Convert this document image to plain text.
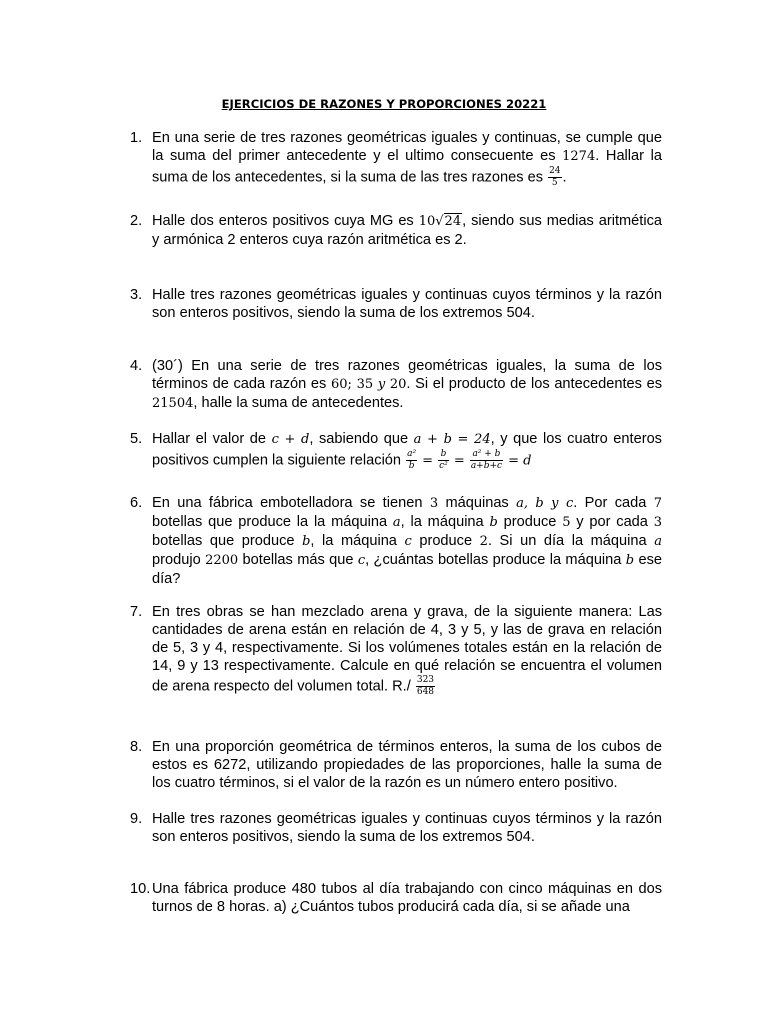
EJERCICIOS DE RAZONES Y PROPORCIONES 20221
1. En una serie de tres razones geométricas iguales y continuas, se cumple que la suma del primer antecedente y el ultimo consecuente es 1274. Hallar la suma de los antecedentes, si la suma de las tres razones es $\frac{24}{5}$ .
2. Halle dos enteros positivos cuya MG es 10√24, siendo sus medias aritmética y armónica 2 enteros cuya razón aritmética es 2.
3. Halle tres razones geométricas iguales y continuas cuyos términos y la razón son enteros positivos, siendo la suma de los extremos 504.
4. (30´) En una serie de tres razones geométricas iguales, la suma de los términos de cada razón es 60; 35 y 20. Si el producto de los antecedentes es 21504, halle la suma de antecedentes.
5. Hallar el valor de c + d, sabiendo que a + b = 24, y que los cuatro enteros positivos cumplen la siguiente relación $\frac{\text{a²}}{b} = \frac{b}{\text{c²}} = \frac{\text{a² + b}}{a+b+c} = d$
6. En una fábrica embotelladora se tienen 3 máquinas a, b y c. Por cada 7 botellas que produce la la máquina a, la máquina b produce 5 y por cada 3 botellas que produce b, la máquina c produce 2. Si un día la máquina a produjo 2200 botellas más que c, ¿cuántas botellas produce la máquina b ese día?
7. En tres obras se han mezclado arena y grava, de la siguiente manera: Las cantidades de arena están en relación de 4, 3 y 5, y las de grava en relación de 5, 3 y 4, respectivamente. Si los volúmenes totales están en la relación de 14, 9 y 13 respectivamente. Calcule en qué relación se encuentra el volumen de arena respecto del volumen total. $R./ \frac{323}{648}$
8. En una proporción geométrica de términos enteros, la suma de los cubos de estos es 6272, utilizando propiedades de las proporciones, halle la suma de los cuatro términos, si el valor de la razón es un número entero positivo.
9. Halle tres razones geométricas iguales y continuas cuyos términos y la razón son enteros positivos, siendo la suma de los extremos 504.
10. Una fábrica produce 480 tubos al día trabajando con cinco máquinas en dos turnos de 8 horas. a) ¿Cuántos tubos producirá́ cada día, si se añade una
